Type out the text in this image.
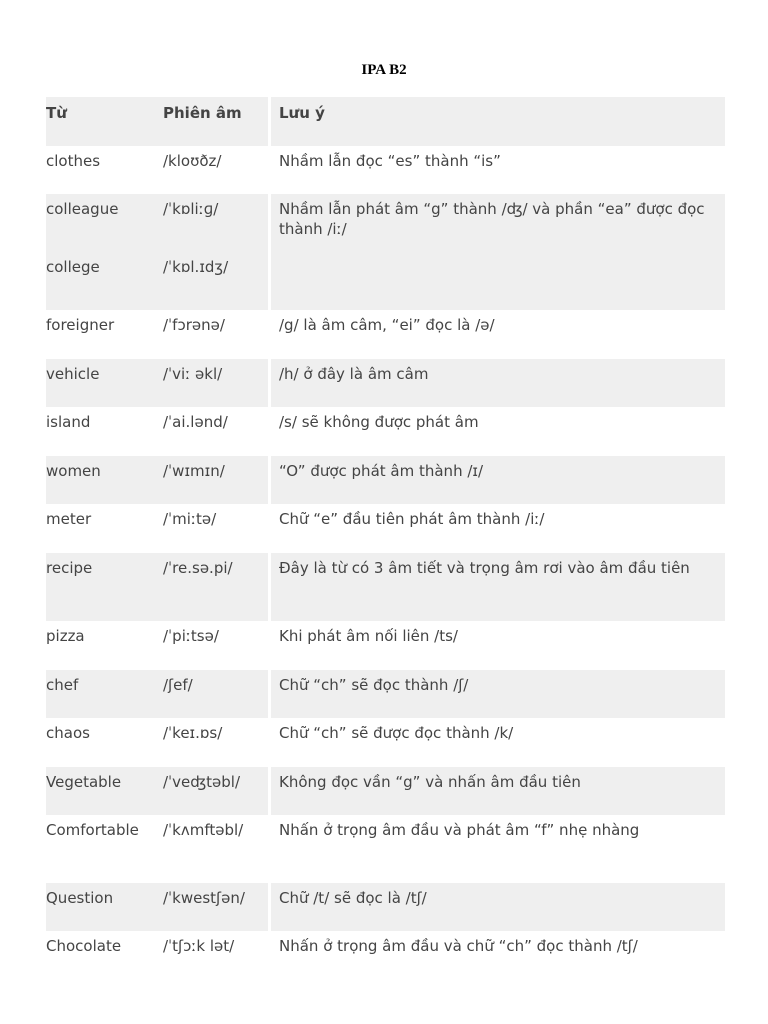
IPA B2
Từ	Phiên âm	Lưu ý
clothes	/kloʊðz/	Nhầm lẫn đọc “es” thành “is”
colleague	/ˈkɒliːɡ/	Nhầm lẫn phát âm “g” thành /ʤ/ và phần “ea” được đọc thành /iː/
college	/ˈkɒl.ɪdʒ/	
foreigner	/ˈfɔrənə/	/g/ là âm câm, “ei” đọc là /ə/
vehicle	/ˈviː əkl/	/h/ ở đây là âm câm
island	/ˈai.lənd/	/s/ sẽ không được phát âm
women	/ˈwɪmɪn/	“O” được phát âm thành /ɪ/
meter	/ˈmiːtə/	Chữ “e” đầu tiên phát âm thành /iː/
recipe	/ˈre.sə.pi/	Đây là từ có 3 âm tiết và trọng âm rơi vào âm đầu tiên
pizza	/ˈpiːtsə/	Khi phát âm nối liên /ts/
chef	/ʃef/	Chữ “ch” sẽ đọc thành /ʃ/
chaos	/ˈkeɪ.ɒs/	Chữ “ch” sẽ được đọc thành /k/
Vegetable	/ˈveʤtəbl/	Không đọc vần “g” và nhấn âm đầu tiên
Comfortable	/ˈkʌmftəbl/	Nhấn ở trọng âm đầu và phát âm “f” nhẹ nhàng
Question	/ˈkwestʃən/	Chữ /t/ sẽ đọc là /tʃ/
Chocolate	/ˈtʃɔːk lət/	Nhấn ở trọng âm đầu và chữ “ch” đọc thành /tʃ/
